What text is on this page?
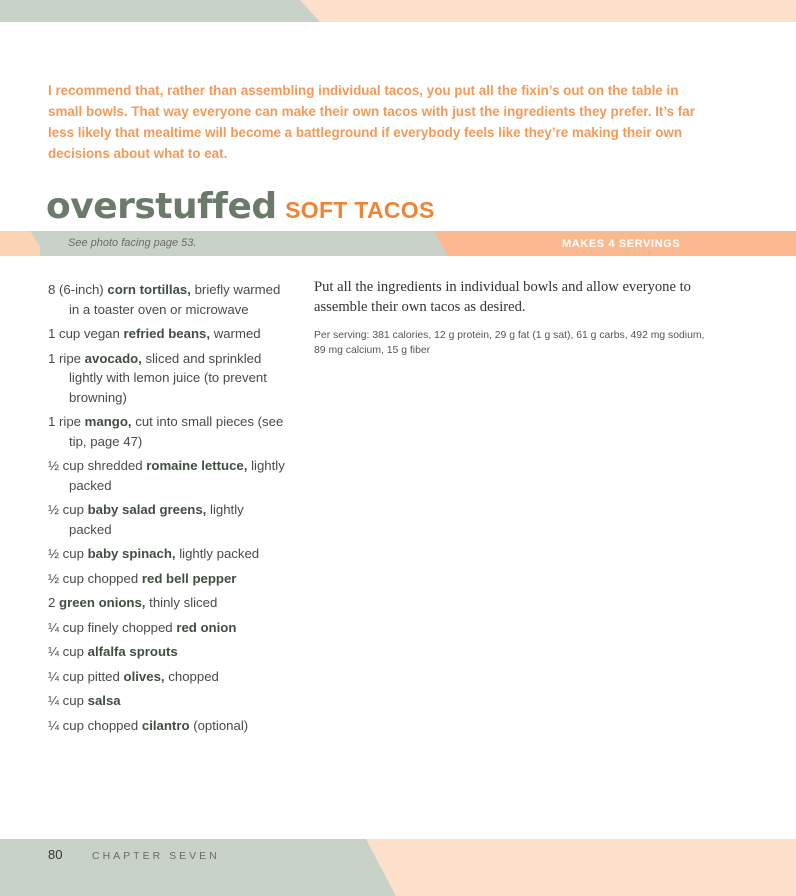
I recommend that, rather than assembling individual tacos, you put all the fixin’s out on the table in small bowls. That way everyone can make their own tacos with just the ingredients they prefer. It’s far less likely that mealtime will become a battleground if everybody feels like they’re making their own decisions about what to eat.

overstuffed SOFT TACOS
See photo facing page 53.	MAKES 4 SERVINGS
8 (6-inch) corn tortillas, briefly warmed in a toaster oven or microwave
1 cup vegan refried beans, warmed
1 ripe avocado, sliced and sprinkled lightly with lemon juice (to prevent browning)
1 ripe mango, cut into small pieces (see tip, page 47)
½ cup shredded romaine lettuce, lightly packed
½ cup baby salad greens, lightly packed
½ cup baby spinach, lightly packed
½ cup chopped red bell pepper
2 green onions, thinly sliced
¼ cup finely chopped red onion
¼ cup alfalfa sprouts
¼ cup pitted olives, chopped
¼ cup salsa
¼ cup chopped cilantro (optional)

Put all the ingredients in individual bowls and allow everyone to assemble their own tacos as desired.

Per serving: 381 calories, 12 g protein, 29 g fat (1 g sat), 61 g carbs, 492 mg sodium, 89 mg calcium, 15 g fiber

80	CHAPTER SEVEN
